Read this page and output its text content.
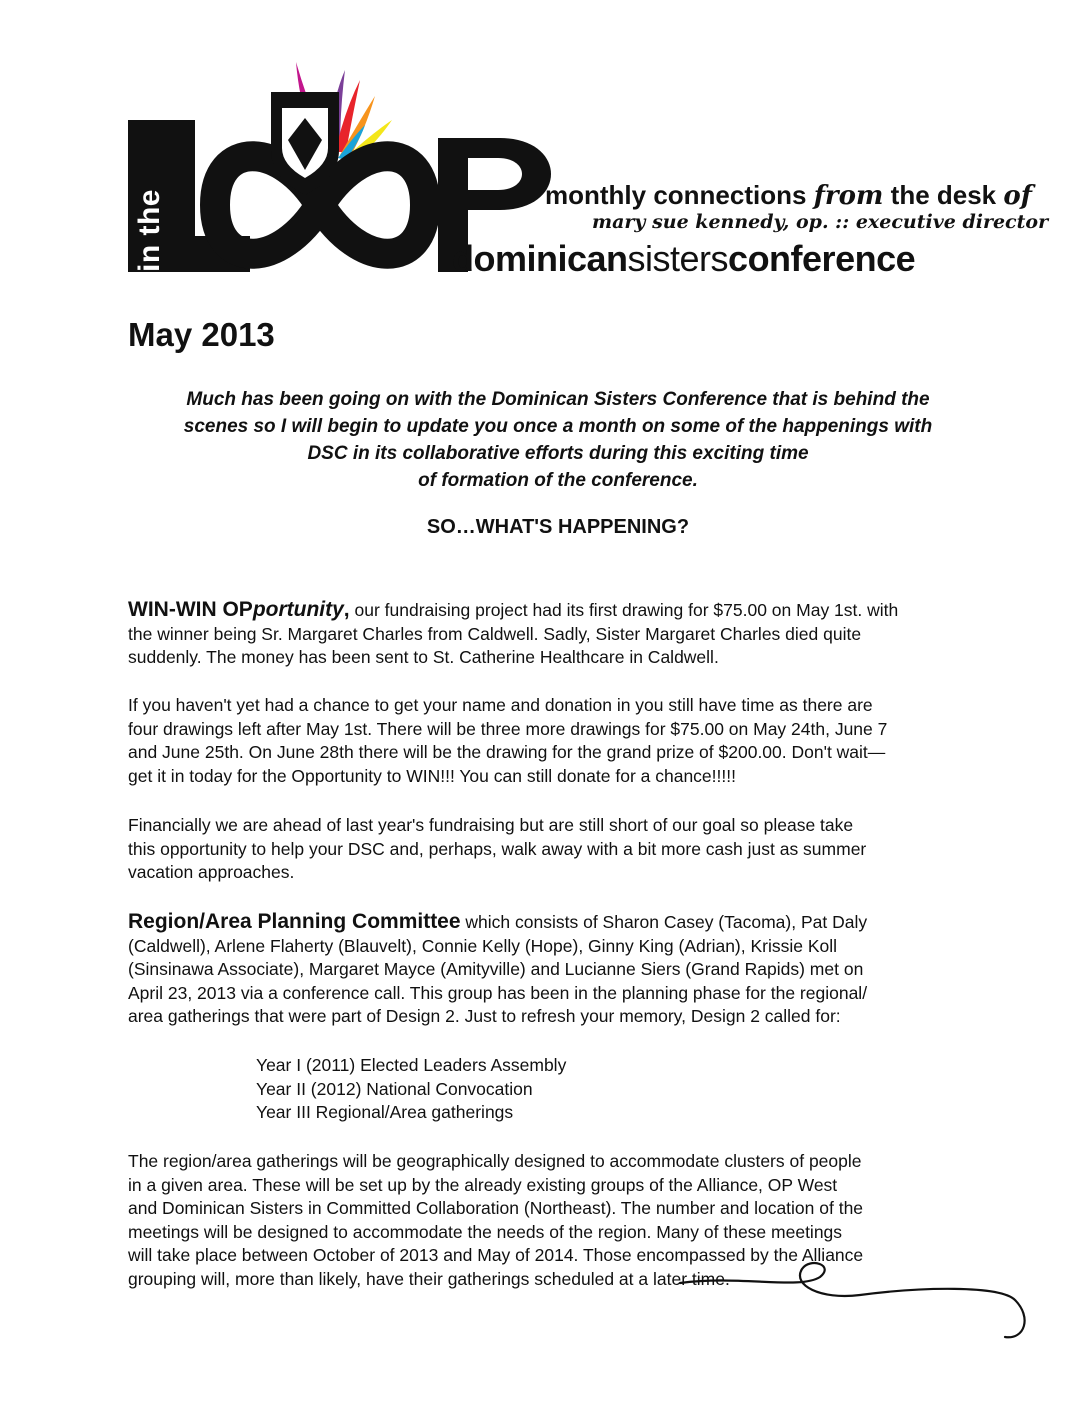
in the	monthly connections from the desk of
mary sue kennedy, op. :: executive director
dominicansistersconference
May 2013
Much has been going on with the Dominican Sisters Conference that is behind the
scenes so I will begin to update you once a month on some of the happenings with
DSC in its collaborative efforts during this exciting time
of formation of the conference.
SO…WHAT'S HAPPENING?
WIN-WIN OPportunity, our fundraising project had its first drawing for $75.00 on May 1st. with
the winner being Sr. Margaret Charles from Caldwell. Sadly, Sister Margaret Charles died quite
suddenly. The money has been sent to St. Catherine Healthcare in Caldwell.
If you haven't yet had a chance to get your name and donation in you still have time as there are
four drawings left after May 1st. There will be three more drawings for $75.00 on May 24th, June 7
and June 25th. On June 28th there will be the drawing for the grand prize of $200.00. Don't wait—
get it in today for the Opportunity to WIN!!! You can still donate for a chance!!!!!
Financially we are ahead of last year's fundraising but are still short of our goal so please take
this opportunity to help your DSC and, perhaps, walk away with a bit more cash just as summer
vacation approaches.
Region/Area Planning Committee which consists of Sharon Casey (Tacoma), Pat Daly
(Caldwell), Arlene Flaherty (Blauvelt), Connie Kelly (Hope), Ginny King (Adrian), Krissie Koll
(Sinsinawa Associate), Margaret Mayce (Amityville) and Lucianne Siers (Grand Rapids) met on
April 23, 2013 via a conference call. This group has been in the planning phase for the regional/
area gatherings that were part of Design 2. Just to refresh your memory, Design 2 called for:
Year I (2011) Elected Leaders Assembly
Year II (2012) National Convocation
Year III Regional/Area gatherings
The region/area gatherings will be geographically designed to accommodate clusters of people
in a given area. These will be set up by the already existing groups of the Alliance, OP West
and Dominican Sisters in Committed Collaboration (Northeast). The number and location of the
meetings will be designed to accommodate the needs of the region. Many of these meetings
will take place between October of 2013 and May of 2014. Those encompassed by the Alliance
grouping will, more than likely, have their gatherings scheduled at a later time.
